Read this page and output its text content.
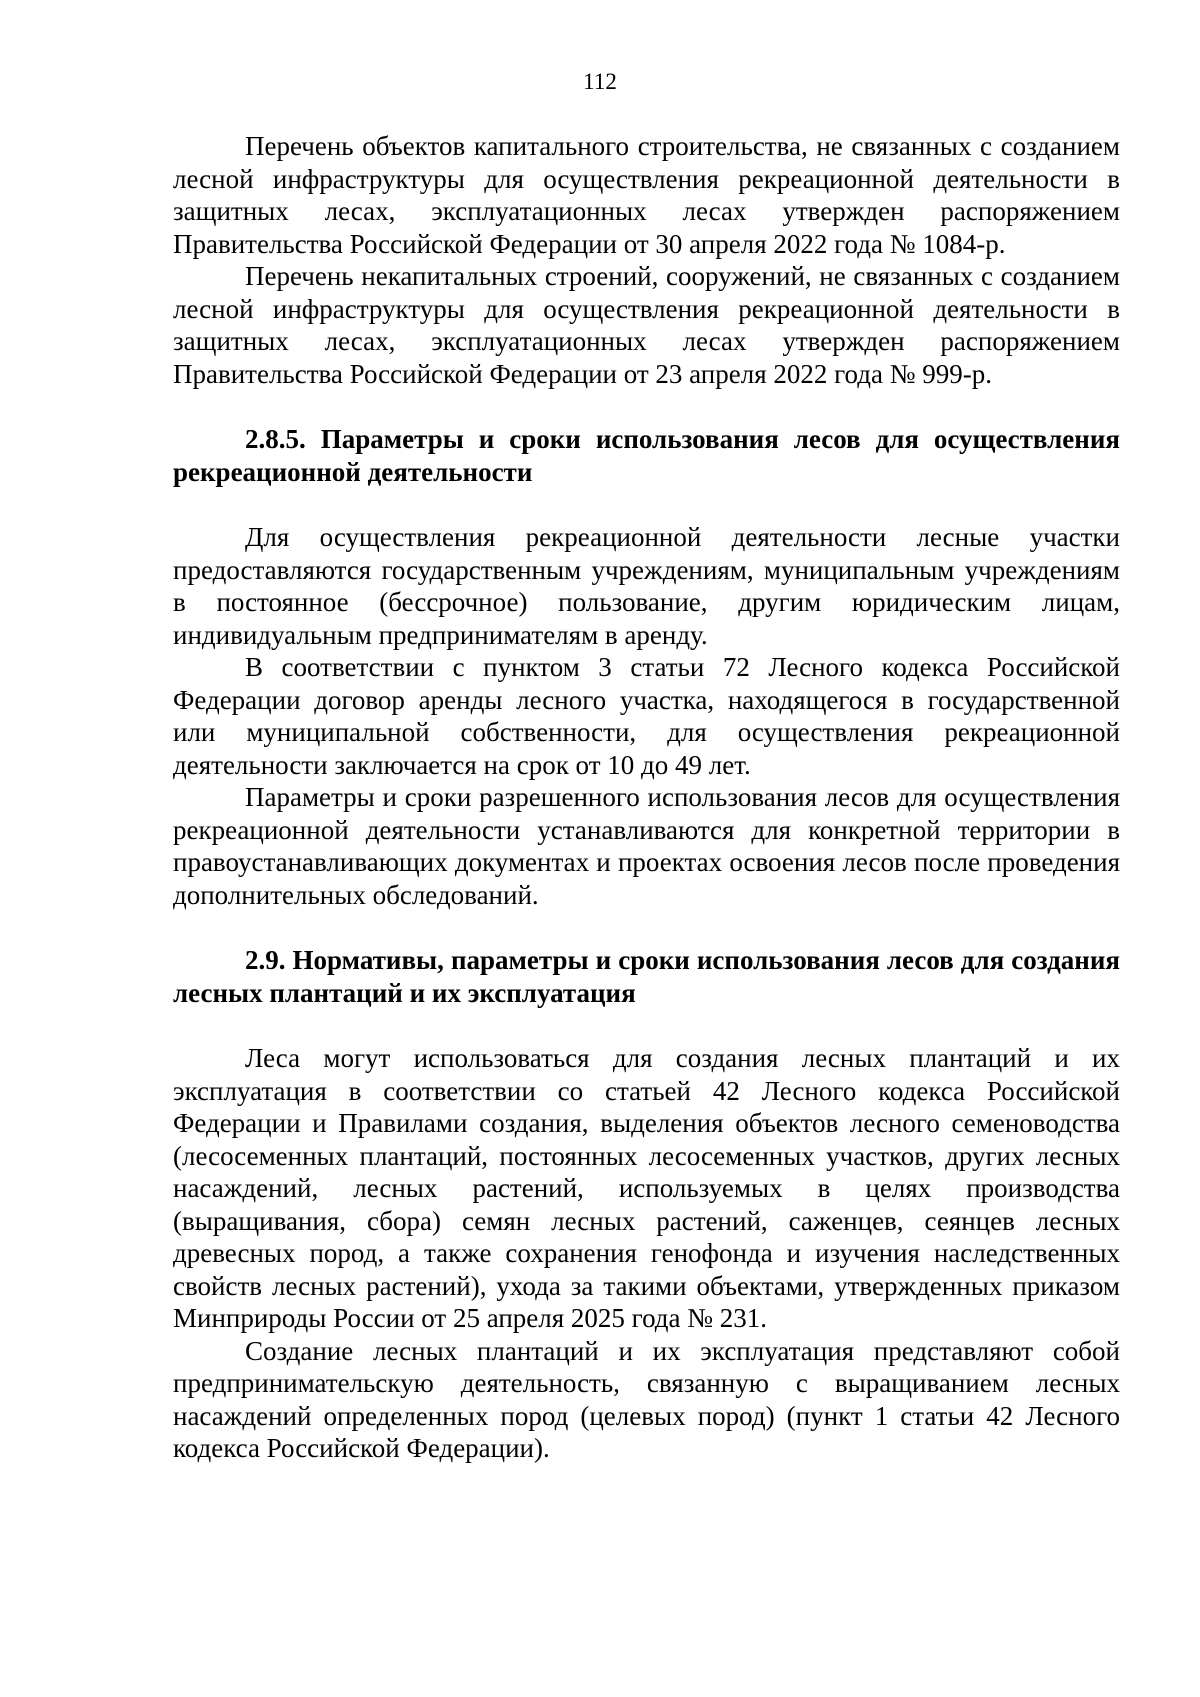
112

Перечень объектов капитального строительства, не связанных с созданием лесной инфраструктуры для осуществления рекреационной деятельности в защитных лесах, эксплуатационных лесах утвержден распоряжением Правительства Российской Федерации от 30 апреля 2022 года № 1084-р.

Перечень некапитальных строений, сооружений, не связанных с созданием лесной инфраструктуры для осуществления рекреационной деятельности в защитных лесах, эксплуатационных лесах утвержден распоряжением Правительства Российской Федерации от 23 апреля 2022 года № 999-р.

2.8.5. Параметры и сроки использования лесов для осуществления рекреационной деятельности

Для осуществления рекреационной деятельности лесные участки предоставляются государственным учреждениям, муниципальным учреждениям в постоянное (бессрочное) пользование, другим юридическим лицам, индивидуальным предпринимателям в аренду.

В соответствии с пунктом 3 статьи 72 Лесного кодекса Российской Федерации договор аренды лесного участка, находящегося в государственной или муниципальной собственности, для осуществления рекреационной деятельности заключается на срок от 10 до 49 лет.

Параметры и сроки разрешенного использования лесов для осуществления рекреационной деятельности устанавливаются для конкретной территории в правоустанавливающих документах и проектах освоения лесов после проведения дополнительных обследований.

2.9. Нормативы, параметры и сроки использования лесов для создания лесных плантаций и их эксплуатация

Леса могут использоваться для создания лесных плантаций и их эксплуатация в соответствии со статьей 42 Лесного кодекса Российской Федерации и Правилами создания, выделения объектов лесного семеноводства (лесосеменных плантаций, постоянных лесосеменных участков, других лесных насаждений, лесных растений, используемых в целях производства (выращивания, сбора) семян лесных растений, саженцев, сеянцев лесных древесных пород, а также сохранения генофонда и изучения наследственных свойств лесных растений), ухода за такими объектами, утвержденных приказом Минприроды России от 25 апреля 2025 года № 231.

Создание лесных плантаций и их эксплуатация представляют собой предпринимательскую деятельность, связанную с выращиванием лесных насаждений определенных пород (целевых пород) (пункт 1 статьи 42 Лесного кодекса Российской Федерации).
